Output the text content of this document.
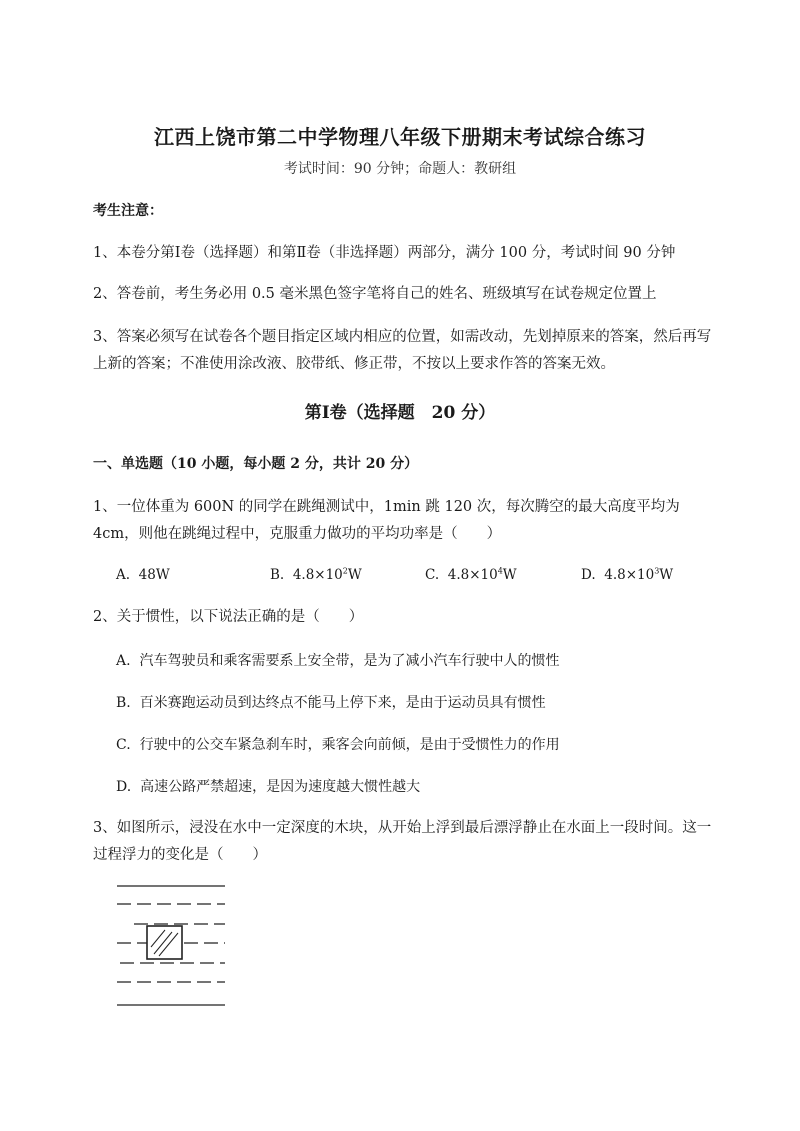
江西上饶市第二中学物理八年级下册期末考试综合练习
考试时间：90 分钟；命题人：教研组
考生注意：
1、本卷分第Ⅰ卷（选择题）和第Ⅱ卷（非选择题）两部分，满分 100 分，考试时间 90 分钟
2、答卷前，考生务必用 0.5 毫米黑色签字笔将自己的姓名、班级填写在试卷规定位置上
3、答案必须写在试卷各个题目指定区域内相应的位置，如需改动，先划掉原来的答案，然后再写上新的答案；不准使用涂改液、胶带纸、修正带，不按以上要求作答的答案无效。
第Ⅰ卷（选择题　20 分）
一、单选题（10 小题，每小题 2 分，共计 20 分）
1、一位体重为 600N 的同学在跳绳测试中，1min 跳 120 次，每次腾空的最大高度平均为 4cm，则他在跳绳过程中，克服重力做功的平均功率是（　　）
A. 48W	B. $4.8\times 10^2W$	C. $4.8\times 10^4W$	D. $4.8\times 10^3W$
2、关于惯性，以下说法正确的是（　　）
A. 汽车驾驶员和乘客需要系上安全带，是为了减小汽车行驶中人的惯性
B. 百米赛跑运动员到达终点不能马上停下来，是由于运动员具有惯性
C. 行驶中的公交车紧急刹车时，乘客会向前倾，是由于受惯性力的作用
D. 高速公路严禁超速，是因为速度越大惯性越大
3、如图所示，浸没在水中一定深度的木块，从开始上浮到最后漂浮静止在水面上一段时间。这一过程浮力的变化是（　　）
